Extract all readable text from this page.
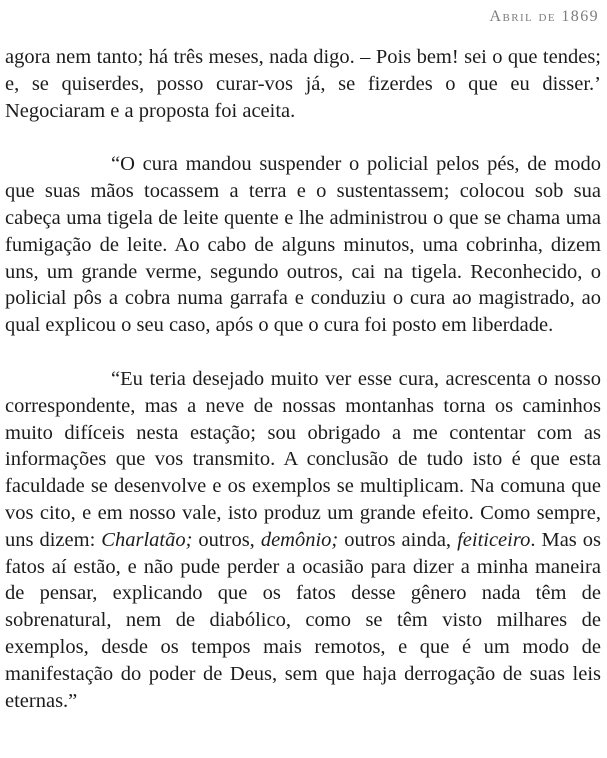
Abril de 1869

agora nem tanto; há três meses, nada digo. – Pois bem! sei o que tendes; e, se quiserdes, posso curar-vos já, se fizerdes o que eu disser.’ Negociaram e a proposta foi aceita.

“O cura mandou suspender o policial pelos pés, de modo que suas mãos tocassem a terra e o sustentassem; colocou sob sua cabeça uma tigela de leite quente e lhe administrou o que se chama uma fumigação de leite. Ao cabo de alguns minutos, uma cobrinha, dizem uns, um grande verme, segundo outros, cai na tigela. Reconhecido, o policial pôs a cobra numa garrafa e conduziu o cura ao magistrado, ao qual explicou o seu caso, após o que o cura foi posto em liberdade.

“Eu teria desejado muito ver esse cura, acrescenta o nosso correspondente, mas a neve de nossas montanhas torna os caminhos muito difíceis nesta estação; sou obrigado a me contentar com as informações que vos transmito. A conclusão de tudo isto é que esta faculdade se desenvolve e os exemplos se multiplicam. Na comuna que vos cito, e em nosso vale, isto produz um grande efeito. Como sempre, uns dizem: Charlatão; outros, demônio; outros ainda, feiticeiro. Mas os fatos aí estão, e não pude perder a ocasião para dizer a minha maneira de pensar, explicando que os fatos desse gênero nada têm de sobrenatural, nem de diabólico, como se têm visto milhares de exemplos, desde os tempos mais remotos, e que é um modo de manifestação do poder de Deus, sem que haja derrogação de suas leis eternas.”
